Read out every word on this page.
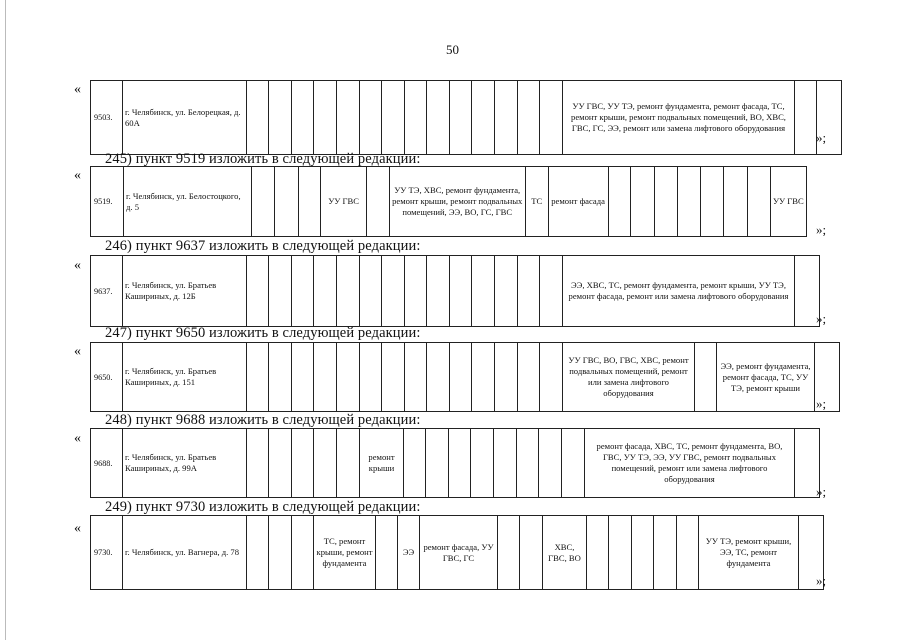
50
«
9503.	г. Челябинск, ул. Белорецкая, д. 60А															УУ ГВС, УУ ТЭ, ремонт фундамента, ремонт фасада, ТС, ремонт крыши, ремонт подвальных помещений, ВО, ХВС, ГВС, ГС, ЭЭ, ремонт или замена лифтового оборудования		
»;
245) пункт 9519 изложить в следующей редакции:
«
9519.	г. Челябинск, ул. Белостоцкого, д. 5				УУ ГВС		УУ ТЭ, ХВС, ремонт фундамента, ремонт крыши, ремонт подвальных помещений, ЭЭ, ВО, ГС, ГВС	ТС	ремонт фасада								УУ ГВС
»;
246) пункт 9637 изложить в следующей редакции:
«
9637.	г. Челябинск, ул. Братьев Кашириных, д. 12Б															ЭЭ, ХВС, ТС, ремонт фундамента, ремонт крыши, УУ ТЭ, ремонт фасада, ремонт или замена лифтового оборудования	
»;
247) пункт 9650 изложить в следующей редакции:
«
9650.	г. Челябинск, ул. Братьев Кашириных, д. 151															УУ ГВС, ВО, ГВС, ХВС, ремонт подвальных помещений, ремонт или замена лифтового оборудования		ЭЭ, ремонт фундамента, ремонт фасада, ТС, УУ ТЭ, ремонт крыши	
»;
248) пункт 9688 изложить в следующей редакции:
«
9688.	г. Челябинск, ул. Братьев Кашириных, д. 99А						ремонт крыши									ремонт фасада, ХВС, ТС, ремонт фундамента, ВО, ГВС, УУ ТЭ, ЭЭ, УУ ГВС, ремонт подвальных помещений, ремонт или замена лифтового оборудования	
»;
249) пункт 9730 изложить в следующей редакции:
«
9730.	г. Челябинск, ул. Вагнера, д. 78				ТС, ремонт крыши, ремонт фундамента		ЭЭ	ремонт фасада, УУ ГВС, ГС			ХВС, ГВС, ВО						УУ ТЭ, ремонт крыши, ЭЭ, ТС, ремонт фундамента	
»;
